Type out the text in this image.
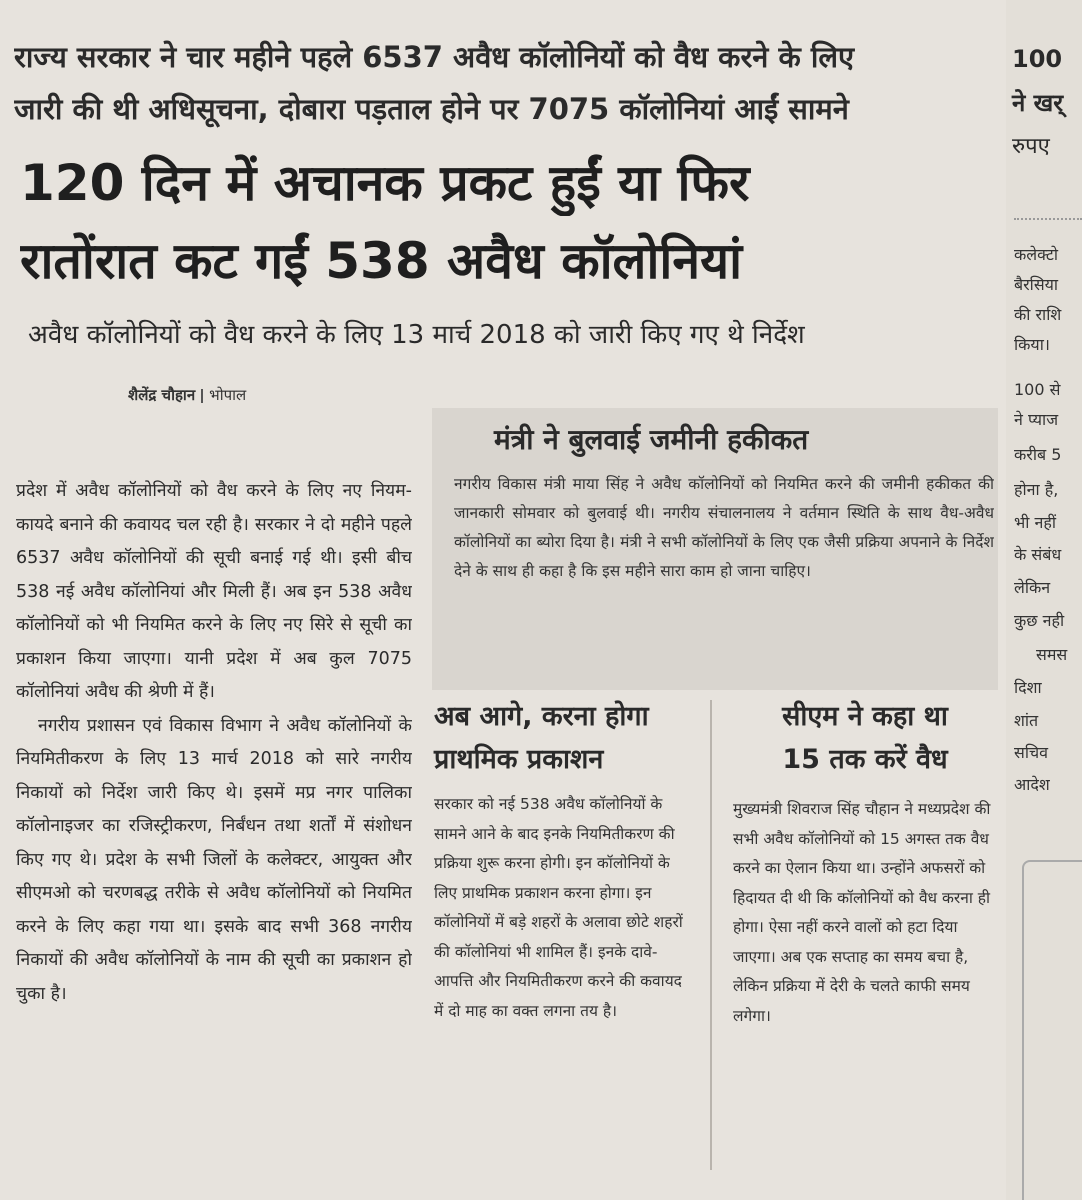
राज्य सरकार ने चार महीने पहले 6537 अवैध कॉलोनियों को वैध करने के लिए
जारी की थी अधिसूचना, दोबारा पड़ताल होने पर 7075 कॉलोनियां आईं सामने
120 दिन में अचानक प्रकट हुईं या फिर
रातोंरात कट गईं 538 अवैध कॉलोनियां
अवैध कॉलोनियों को वैध करने के लिए 13 मार्च 2018 को जारी किए गए थे निर्देश
शैलेंद्र चौहान भोपाल

प्रदेश में अवैध कॉलोनियों को वैध करने के लिए नए नियम-कायदे बनाने की कवायद चल रही है। सरकार ने दो महीने पहले 6537 अवैध कॉलोनियों की सूची बनाई गई थी। इसी बीच 538 नई अवैध कॉलोनियां और मिली हैं। अब इन 538 अवैध कॉलोनियों को भी नियमित करने के लिए नए सिरे से सूची का प्रकाशन किया जाएगा। यानी प्रदेश में अब कुल 7075 कॉलोनियां अवैध की श्रेणी में हैं।

नगरीय प्रशासन एवं विकास विभाग ने अवैध कॉलोनियों के नियमितीकरण के लिए 13 मार्च 2018 को सारे नगरीय निकायों को निर्देश जारी किए थे। इसमें मप्र नगर पालिका कॉलोनाइजर का रजिस्ट्रीकरण, निर्बंधन तथा शर्तों में संशोधन किए गए थे। प्रदेश के सभी जिलों के कलेक्टर, आयुक्त और सीएमओ को चरणबद्ध तरीके से अवैध कॉलोनियों को नियमित करने के लिए कहा गया था। इसके बाद सभी 368 नगरीय निकायों की अवैध कॉलोनियों के नाम की सूची का प्रकाशन हो चुका है।

मंत्री ने बुलवाई जमीनी हकीकत
नगरीय विकास मंत्री माया सिंह ने अवैध कॉलोनियों को नियमित करने की जमीनी हकीकत की जानकारी सोमवार को बुलवाई थी। नगरीय संचालनालय ने वर्तमान स्थिति के साथ वैध-अवैध कॉलोनियों का ब्योरा दिया है। मंत्री ने सभी कॉलोनियों के लिए एक जैसी प्रक्रिया अपनाने के निर्देश देने के साथ ही कहा है कि इस महीने सारा काम हो जाना चाहिए।
अब आगे, करना होगा
प्राथमिक प्रकाशन
सरकार को नई 538 अवैध कॉलोनियों के सामने आने के बाद इनके नियमितीकरण की प्रक्रिया शुरू करना होगी। इन कॉलोनियों के लिए प्राथमिक प्रकाशन करना होगा। इन कॉलोनियों में बड़े शहरों के अलावा छोटे शहरों की कॉलोनियां भी शामिल हैं। इनके दावे-आपत्ति और नियमितीकरण करने की कवायद में दो माह का वक्त लगना तय है।
सीएम ने कहा था
15 तक करें वैध
मुख्यमंत्री शिवराज सिंह चौहान ने मध्यप्रदेश की सभी अवैध कॉलोनियों को 15 अगस्त तक वैध करने का ऐलान किया था। उन्होंने अफसरों को हिदायत दी थी कि कॉलोनियों को वैध करना ही होगा। ऐसा नहीं करने वालों को हटा दिया जाएगा। अब एक सप्ताह का समय बचा है, लेकिन प्रक्रिया में देरी के चलते काफी समय लगेगा।
100
ने खर्
रुपए
कलेक्टो
बैरसिया
की राशि
किया।
100 से
ने प्याज
करीब 5
होना है,
भी नहीं
के संबंध
लेकिन
कुछ नही
समस
दिशा
शांत
सचिव
आदेश
